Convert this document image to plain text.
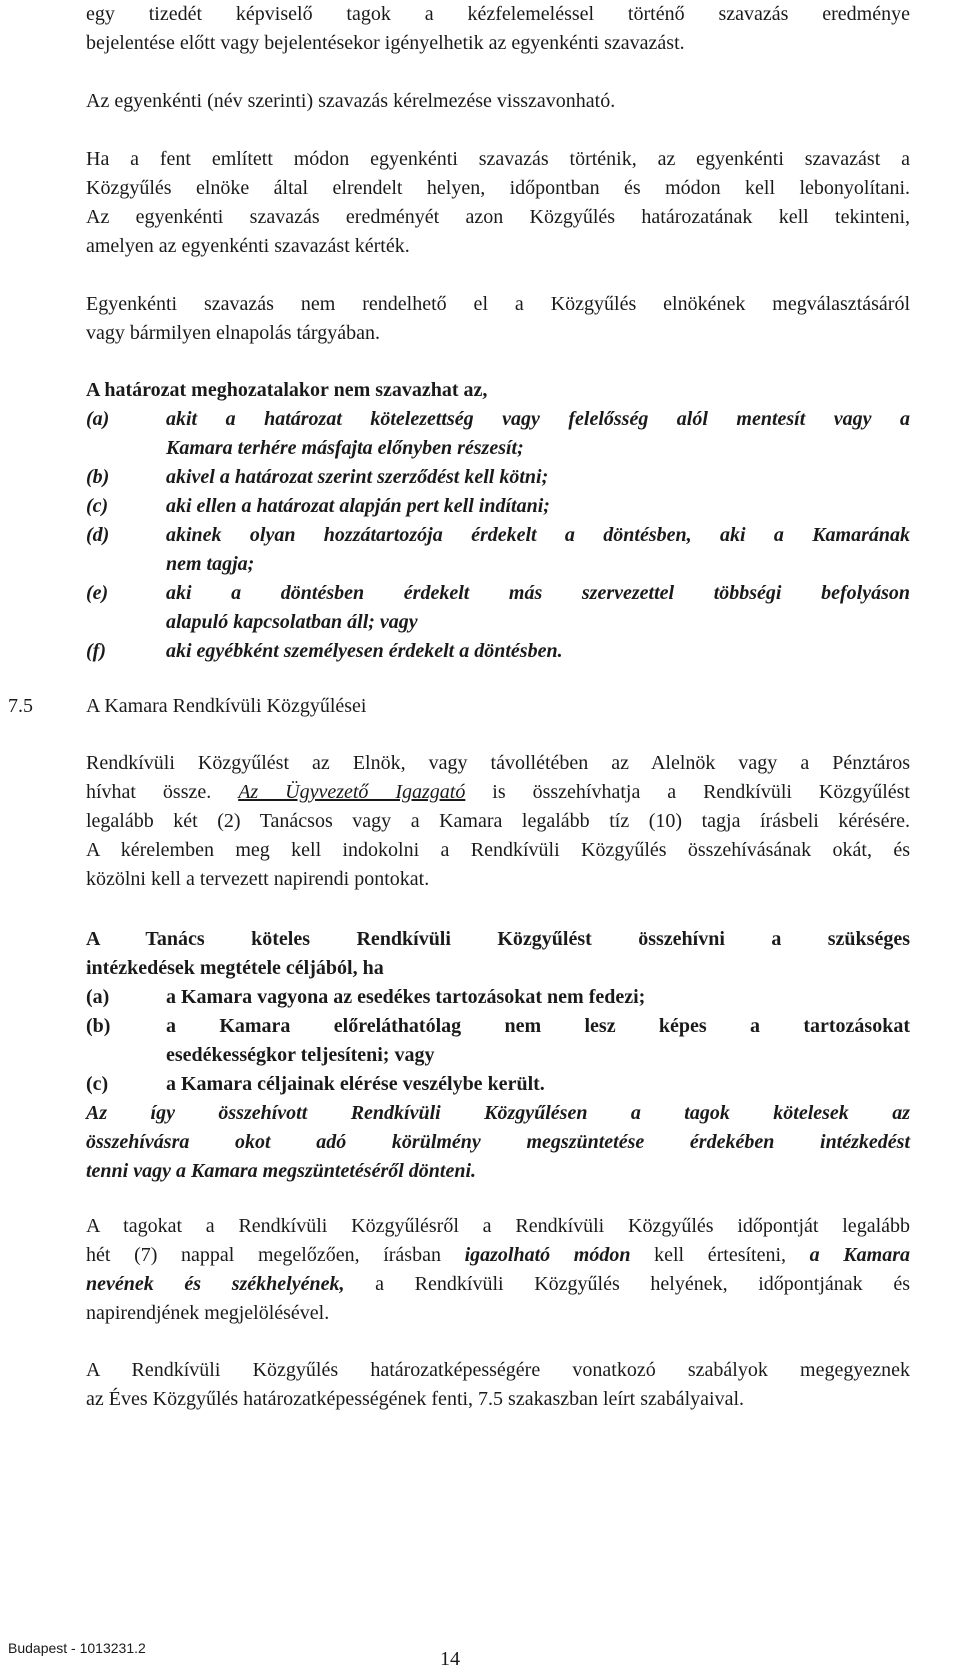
egy tizedét képviselő tagok a kézfelemeléssel történő szavazás eredménye
bejelentése előtt vagy bejelentésekor igényelhetik az egyenkénti szavazást.
Az egyenkénti (név szerinti) szavazás kérelmezése visszavonható.
Ha a fent említett módon egyenkénti szavazás történik, az egyenkénti szavazást a
Közgyűlés elnöke által elrendelt helyen, időpontban és módon kell lebonyolítani.
Az egyenkénti szavazás eredményét azon Közgyűlés határozatának kell tekinteni,
amelyen az egyenkénti szavazást kérték.
Egyenkénti szavazás nem rendelhető el a Közgyűlés elnökének megválasztásáról
vagy bármilyen elnapolás tárgyában.
A határozat meghozatalakor nem szavazhat az,
(a)	akit a határozat kötelezettség vagy felelősség alól mentesít vagy a
Kamara terhére másfajta előnyben részesít;
(b)	akivel a határozat szerint szerződést kell kötni;
(c)	aki ellen a határozat alapján pert kell indítani;
(d)	akinek olyan hozzátartozója érdekelt a döntésben, aki a Kamarának
nem tagja;
(e)	aki a döntésben érdekelt más szervezettel többségi befolyáson
alapuló kapcsolatban áll; vagy
(f)	aki egyébként személyesen érdekelt a döntésben.
7.5	A Kamara Rendkívüli Közgyűlései
Rendkívüli Közgyűlést az Elnök, vagy távollétében az Alelnök vagy a Pénztáros
hívhat össze. Az Ügyvezető Igazgató is összehívhatja a Rendkívüli Közgyűlést
legalább két (2) Tanácsos vagy a Kamara legalább tíz (10) tagja írásbeli kérésére.
A kérelemben meg kell indokolni a Rendkívüli Közgyűlés összehívásának okát, és
közölni kell a tervezett napirendi pontokat.
A Tanács köteles Rendkívüli Közgyűlést összehívni a szükséges
intézkedések megtétele céljából, ha
(a)	a Kamara vagyona az esedékes tartozásokat nem fedezi;
(b)	a Kamara előreláthatólag nem lesz képes a tartozásokat
esedékességkor teljesíteni; vagy
(c)	a Kamara céljainak elérése veszélybe került.
Az így összehívott Rendkívüli Közgyűlésen a tagok kötelesek az
összehívásra okot adó körülmény megszüntetése érdekében intézkedést
tenni vagy a Kamara megszüntetéséről dönteni.
A tagokat a Rendkívüli Közgyűlésről a Rendkívüli Közgyűlés időpontját legalább
hét (7) nappal megelőzően, írásban igazolható módon kell értesíteni, a Kamara
nevének és székhelyének, a Rendkívüli Közgyűlés helyének, időpontjának és
napirendjének megjelölésével.
A Rendkívüli Közgyűlés határozatképességére vonatkozó szabályok megegyeznek
az Éves Közgyűlés határozatképességének fenti, 7.5 szakaszban leírt szabályaival.
Budapest - 1013231.2	14
